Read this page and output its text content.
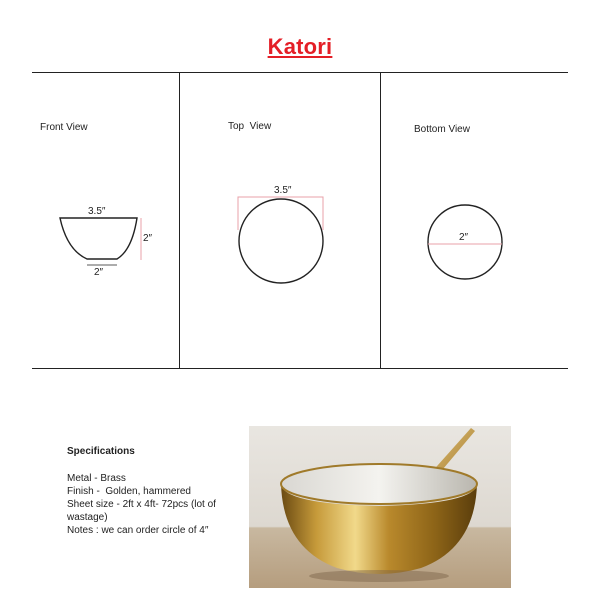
Katori
Front View	Top  View	Bottom View
3.5″
2″
2″
3.5″
2″
Specifications
Metal - Brass
Finish -  Golden, hammered
Sheet size - 2ft x 4ft- 72pcs (lot of wastage)
Notes : we can order circle of 4″
